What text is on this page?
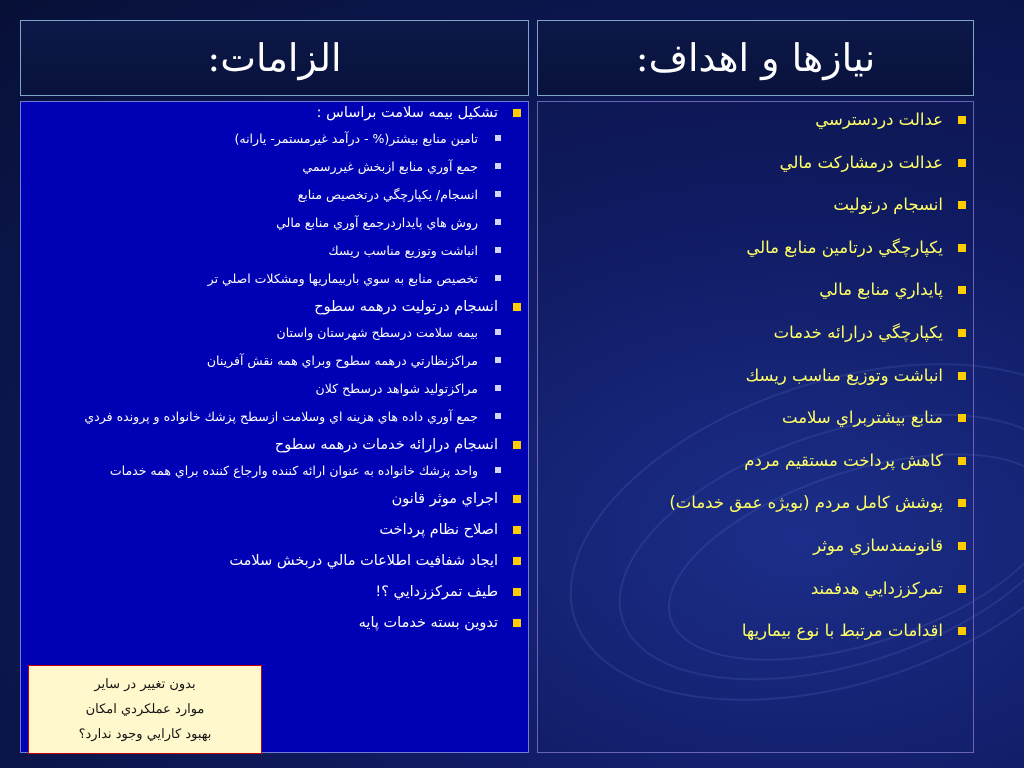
نيازها و اهداف:
الزامات:
تشكيل بيمه سلامت براساس :
تامين منابع بيشتر(% - درآمد غيرمستمر- يارانه)
جمع آوري منابع ازبخش غيررسمي
انسجام/ يكپارچگي درتخصيص منابع
روش هاي پايداردرجمع آوري منابع مالي
انباشت وتوزيع مناسب ريسك
تخصيص منابع به سوي باربيماريها ومشكلات اصلي تر
انسجام درتوليت درهمه سطوح
بيمه سلامت درسطح شهرستان واستان
مراكزنظارتي درهمه سطوح وبراي همه نقش آفرينان
مراكزتوليد شواهد درسطح كلان
جمع آوري داده هاي هزينه اي وسلامت ازسطح پزشك خانواده و پرونده فردي
انسجام درارائه خدمات درهمه سطوح
واحد پزشك خانواده به عنوان ارائه كننده وارجاع كننده براي همه خدمات
اجراي موثر قانون
اصلاح نظام پرداخت
ايجاد شفافيت اطلاعات مالي دربخش سلامت
طيف تمركززدايي ؟!
تدوين بسته خدمات پايه
عدالت دردسترسي
عدالت درمشاركت مالي
انسجام درتوليت
يكپارچگي درتامين منابع مالي
پايداري منابع مالي
يكپارچگي درارائه خدمات
انباشت وتوزيع مناسب ريسك
منابع بيشتربراي سلامت
كاهش پرداخت مستقيم مردم
پوشش كامل مردم (بويژه عمق خدمات)
قانونمندسازي موثر
تمركززدايي هدفمند
اقدامات مرتبط با نوع بيماريها
بدون تغيير در ساير
موارد عملكردي امكان
بهبود كارايي وجود ندارد؟
